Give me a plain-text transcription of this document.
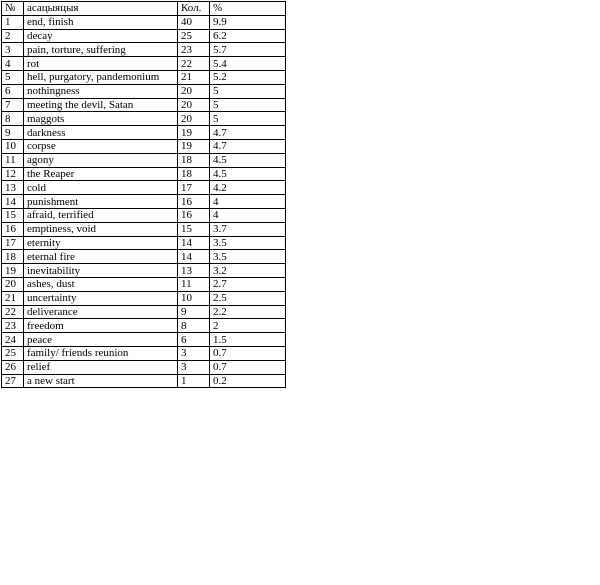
№	асацыяцыя	Кол.	%
1	end, finish	40	9.9
2	decay	25	6.2
3	pain, torture, suffering	23	5.7
4	rot	22	5.4
5	hell, purgatory, pandemonium	21	5.2
6	nothingness	20	5
7	meeting the devil, Satan	20	5
8	maggots	20	5
9	darkness	19	4.7
10	corpse	19	4.7
11	agony	18	4.5
12	the Reaper	18	4.5
13	cold	17	4.2
14	punishment	16	4
15	afraid, terrified	16	4
16	emptiness, void	15	3.7
17	eternity	14	3.5
18	eternal fire	14	3.5
19	inevitability	13	3.2
20	ashes, dust	11	2.7
21	uncertainty	10	2.5
22	deliverance	9	2.2
23	freedom	8	2
24	peace	6	1.5
25	family/ friends reunion	3	0.7
26	relief	3	0.7
27	a new start	1	0.2
